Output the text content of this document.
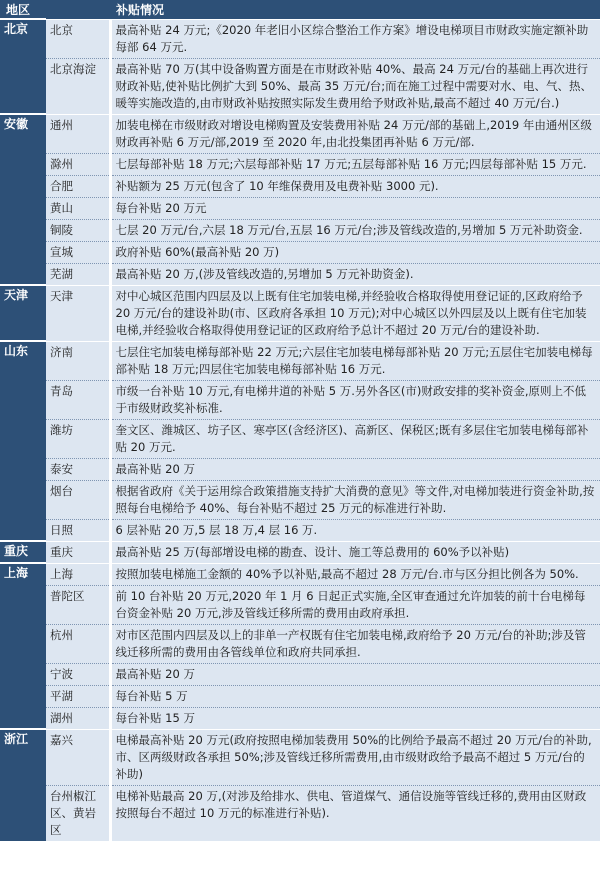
地区		补贴情况
北京	北京	最高补贴 24 万元;《2020 年老旧小区综合整治工作方案》增设电梯项目市财政实施定额补助每部 64 万元.
	北京海淀	最高补贴 70 万(其中设备购置方面是在市财政补贴 40%、最高 24 万元/台的基础上再次进行财政补贴,使补贴比例扩大到 50%、最高 35 万元/台;而在施工过程中需要对水、电、气、热、暖等实施改造的,由市财政补贴按照实际发生费用给予财政补贴,最高不超过 40 万元/台.)
安徽	通州	加装电梯在市级财政对增设电梯购置及安装费用补贴 24 万元/部的基础上,2019 年由通州区级财政再补贴 6 万元/部,2019 至 2020 年,由北投集团再补贴 6 万元/部.
	滁州	七层每部补贴 18 万元;六层每部补贴 17 万元;五层每部补贴 16 万元;四层每部补贴 15 万元.
	合肥	补贴额为 25 万元(包含了 10 年维保费用及电费补贴 3000 元).
	黄山	每台补贴 20 万元
	铜陵	七层 20 万元/台,六层 18 万元/台,五层 16 万元/台;涉及管线改造的,另增加 5 万元补助资金.
	宣城	政府补贴 60%(最高补贴 20 万)
	芜湖	最高补贴 20 万,(涉及管线改造的,另增加 5 万元补助资金).
天津	天津	对中心城区范围内四层及以上既有住宅加装电梯,并经验收合格取得使用登记证的,区政府给予 20 万元/台的建设补助(市、区政府各承担 10 万元);对中心城区以外四层及以上既有住宅加装电梯,并经验收合格取得使用登记证的区政府给予总计不超过 20 万元/台的建设补助.
山东	济南	七层住宅加装电梯每部补贴 22 万元;六层住宅加装电梯每部补贴 20 万元;五层住宅加装电梯每部补贴 18 万元;四层住宅加装电梯每部补贴 16 万元.
	青岛	市级一台补贴 10 万元,有电梯井道的补贴 5 万.另外各区(市)财政安排的奖补资金,原则上不低于市级财政奖补标准.
	潍坊	奎文区、潍城区、坊子区、寒亭区(含经济区)、高新区、保税区;既有多层住宅加装电梯每部补贴 20 万元.
	泰安	最高补贴 20 万
	烟台	根据省政府《关于运用综合政策措施支持扩大消费的意见》等文件,对电梯加装进行资金补助,按照每台电梯给予 40%、每台补贴不超过 25 万元的标准进行补助.
	日照	6 层补贴 20 万,5 层 18 万,4 层 16 万.
重庆	重庆	最高补贴 25 万(每部增设电梯的勘查、设计、施工等总费用的 60%予以补贴)
上海	上海	按照加装电梯施工金额的 40%予以补贴,最高不超过 28 万元/台.市与区分担比例各为 50%.
	普陀区	前 10 台补贴 20 万元,2020 年 1 月 6 日起正式实施,全区审查通过允许加装的前十台电梯每台资金补贴 20 万元,涉及管线迁移所需的费用由政府承担.
	杭州	对市区范围内四层及以上的非单一产权既有住宅加装电梯,政府给予 20 万元/台的补助;涉及管线迁移所需的费用由各管线单位和政府共同承担.
	宁波	最高补贴 20 万
	平湖	每台补贴 5 万
	湖州	每台补贴 15 万
浙江	嘉兴	电梯最高补贴 20 万元(政府按照电梯加装费用 50%的比例给予最高不超过 20 万元/台的补助,市、区两级财政各承担 50%;涉及管线迁移所需费用,由市级财政给予最高不超过 5 万元/台的补助)
	台州椒江区、黄岩区	电梯补贴最高 20 万,(对涉及给排水、供电、管道煤气、通信设施等管线迁移的,费用由区财政按照每台不超过 10 万元的标准进行补贴).
